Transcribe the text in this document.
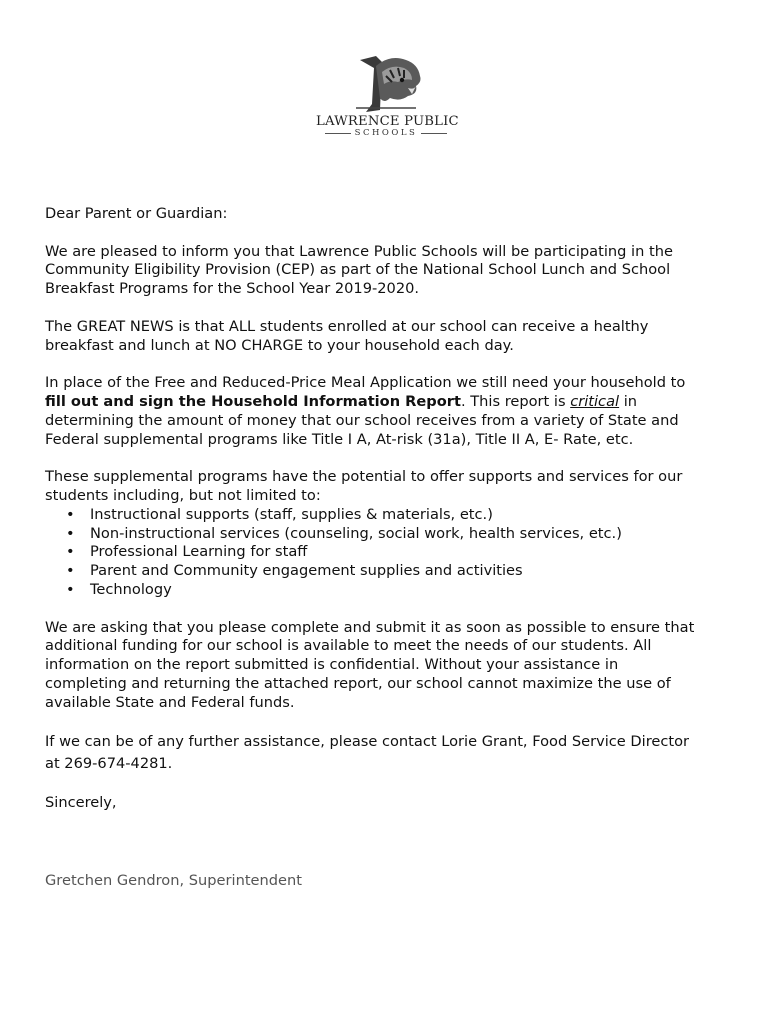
LAWRENCE PUBLIC
SCHOOLS

Dear Parent or Guardian:

We are pleased to inform you that Lawrence Public Schools will be participating in the
Community Eligibility Provision (CEP) as part of the National School Lunch and School
Breakfast Programs for the School Year 2019-2020.

The GREAT NEWS is that ALL students enrolled at our school can receive a healthy
breakfast and lunch at NO CHARGE to your household each day.

In place of the Free and Reduced-Price Meal Application we still need your household to
fill out and sign the Household Information Report. This report is critical in
determining the amount of money that our school receives from a variety of State and
Federal supplemental programs like Title I A, At-risk (31a), Title II A, E- Rate, etc.

These supplemental programs have the potential to offer supports and services for our
students including, but not limited to:

• Instructional supports (staff, supplies & materials, etc.)
• Non-instructional services (counseling, social work, health services, etc.)
• Professional Learning for staff
• Parent and Community engagement supplies and activities
• Technology

We are asking that you please complete and submit it as soon as possible to ensure that
additional funding for our school is available to meet the needs of our students. All
information on the report submitted is confidential. Without your assistance in
completing and returning the attached report, our school cannot maximize the use of
available State and Federal funds.

If we can be of any further assistance, please contact Lorie Grant, Food Service Director
at 269-674-4281.

Sincerely,

Gretchen Gendron, Superintendent
